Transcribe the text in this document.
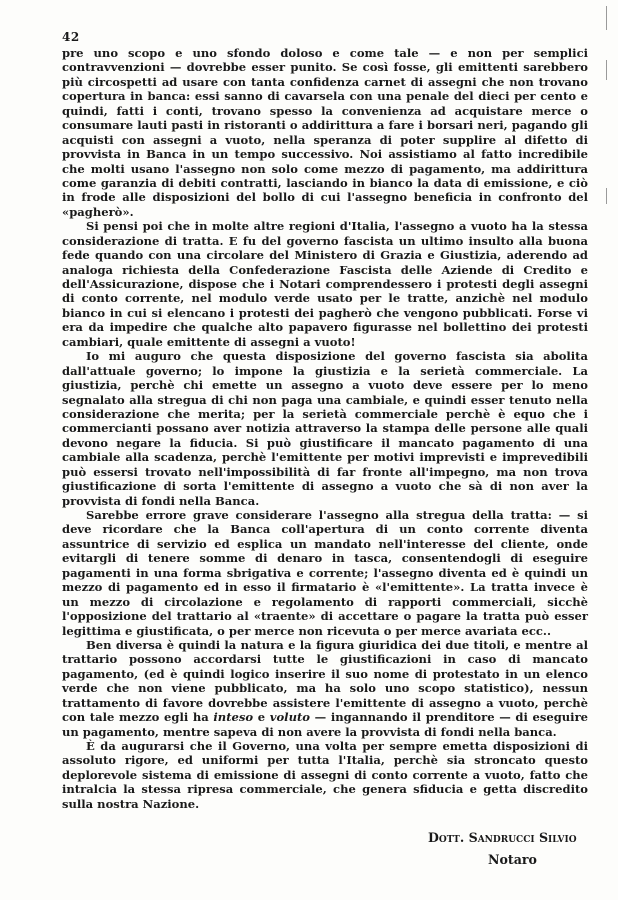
42

pre uno scopo e uno sfondo doloso e come tale — e non per semplici contravvenzioni — dovrebbe esser punito. Se così fosse, gli emittenti sarebbero più circospetti ad usare con tanta confidenza carnet di assegni che non trovano copertura in banca: essi sanno di cavarsela con una penale del dieci per cento e quindi, fatti i conti, trovano spesso la convenienza ad acquistare merce o consumare lauti pasti in ristoranti o addirittura a fare i borsari neri, pagando gli acquisti con assegni a vuoto, nella speranza di poter supplire al difetto di provvista in Banca in un tempo successivo. Noi assistiamo al fatto incredibile che molti usano l'assegno non solo come mezzo di pagamento, ma addirittura come garanzia di debiti contratti, lasciando in bianco la data di emissione, e ciò in frode alle disposizioni del bollo di cui l'assegno beneficia in confronto del «pagherò».

Si pensi poi che in molte altre regioni d'Italia, l'assegno a vuoto ha la stessa considerazione di tratta. E fu del governo fascista un ultimo insulto alla buona fede quando con una circolare del Ministero di Grazia e Giustizia, aderendo ad analoga richiesta della Confederazione Fascista delle Aziende di Credito e dell'Assicurazione, dispose che i Notari comprendessero i protesti degli assegni di conto corrente, nel modulo verde usato per le tratte, anzichè nel modulo bianco in cui si elencano i protesti dei pagherò che vengono pubblicati. Forse vi era da impedire che qualche alto papavero figurasse nel bollettino dei protesti cambiari, quale emittente di assegni a vuoto!

Io mi auguro che questa disposizione del governo fascista sia abolita dall'attuale governo; lo impone la giustizia e la serietà commerciale. La giustizia, perchè chi emette un assegno a vuoto deve essere per lo meno segnalato alla stregua di chi non paga una cambiale, e quindi esser tenuto nella considerazione che merita; per la serietà commerciale perchè è equo che i commercianti possano aver notizia attraverso la stampa delle persone alle quali devono negare la fiducia. Si può giustificare il mancato pagamento di una cambiale alla scadenza, perchè l'emittente per motivi imprevisti e imprevedibili può essersi trovato nell'impossibilità di far fronte all'impegno, ma non trova giustificazione di sorta l'emittente di assegno a vuoto che sà di non aver la provvista di fondi nella Banca.

Sarebbe errore grave considerare l'assegno alla stregua della tratta: — si deve ricordare che la Banca coll'apertura di un conto corrente diventa assuntrice di servizio ed esplica un mandato nell'interesse del cliente, onde evitargli di tenere somme di denaro in tasca, consentendogli di eseguire pagamenti in una forma sbrigativa e corrente; l'assegno diventa ed è quindi un mezzo di pagamento ed in esso il firmatario è «l'emittente». La tratta invece è un mezzo di circolazione e regolamento di rapporti commerciali, sicchè l'opposizione del trattario al «traente» di accettare o pagare la tratta può esser legittima e giustificata, o per merce non ricevuta o per merce avariata ecc..

Ben diversa è quindi la natura e la figura giuridica dei due titoli, e mentre al trattario possono accordarsi tutte le giustificazioni in caso di mancato pagamento, (ed è quindi logico inserire il suo nome di protestato in un elenco verde che non viene pubblicato, ma ha solo uno scopo statistico), nessun trattamento di favore dovrebbe assistere l'emittente di assegno a vuoto, perchè con tale mezzo egli ha inteso e voluto — ingannando il prenditore — di eseguire un pagamento, mentre sapeva di non avere la provvista di fondi nella banca.

È da augurarsi che il Governo, una volta per sempre emetta disposizioni di assoluto rigore, ed uniformi per tutta l'Italia, perchè sia stroncato questo deplorevole sistema di emissione di assegni di conto corrente a vuoto, fatto che intralcia la stessa ripresa commerciale, che genera sfiducia e getta discredito sulla nostra Nazione.

Dott. Sandrucci Silvio
Notaro
